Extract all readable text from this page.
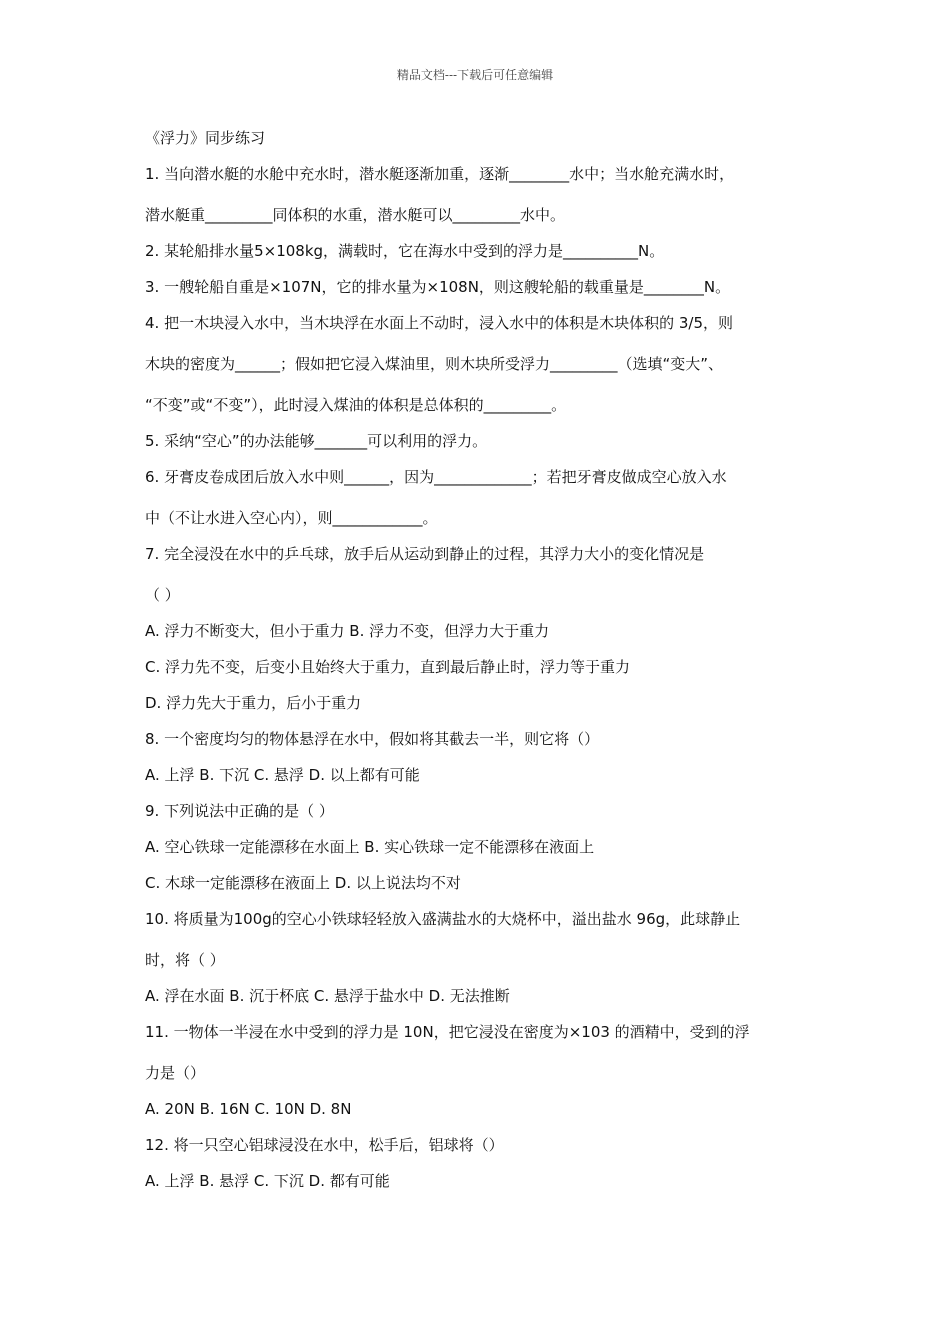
精品文档---下载后可任意编辑
《浮力》同步练习
1. 当向潜水艇的水舱中充水时，潜水艇逐渐加重，逐渐________水中；当水舱充满水时，
潜水艇重_________同体积的水重，潜水艇可以_________水中。
2. 某轮船排水量5×108kg，满载时，它在海水中受到的浮力是__________N。
3. 一艘轮船自重是×107N，它的排水量为×108N，则这艘轮船的载重量是________N。
4. 把一木块浸入水中，当木块浮在水面上不动时，浸入水中的体积是木块体积的 3/5，则
木块的密度为______；假如把它浸入煤油里，则木块所受浮力_________（选填“变大”、
“不变”或“不变”），此时浸入煤油的体积是总体积的_________。
5. 采纳“空心”的办法能够_______可以利用的浮力。
6. 牙膏皮卷成团后放入水中则______，因为_____________；若把牙膏皮做成空心放入水
中（不让水进入空心内），则____________。
7. 完全浸没在水中的乒乓球，放手后从运动到静止的过程，其浮力大小的变化情况是
（ ）
A. 浮力不断变大，但小于重力 B. 浮力不变，但浮力大于重力
C. 浮力先不变，后变小且始终大于重力，直到最后静止时，浮力等于重力
D. 浮力先大于重力，后小于重力
8. 一个密度均匀的物体悬浮在水中，假如将其截去一半，则它将（）
A. 上浮 B. 下沉 C. 悬浮 D. 以上都有可能
9. 下列说法中正确的是（ ）
A. 空心铁球一定能漂移在水面上 B. 实心铁球一定不能漂移在液面上
C. 木球一定能漂移在液面上 D. 以上说法均不对
10. 将质量为100g的空心小铁球轻轻放入盛满盐水的大烧杯中，溢出盐水 96g，此球静止
时，将（ ）
A. 浮在水面 B. 沉于杯底 C. 悬浮于盐水中 D. 无法推断
11. 一物体一半浸在水中受到的浮力是 10N，把它浸没在密度为×103 的酒精中，受到的浮
力是（）
A. 20N B. 16N C. 10N D. 8N
12. 将一只空心铝球浸没在水中，松手后，铝球将（）
A. 上浮 B. 悬浮 C. 下沉 D. 都有可能
